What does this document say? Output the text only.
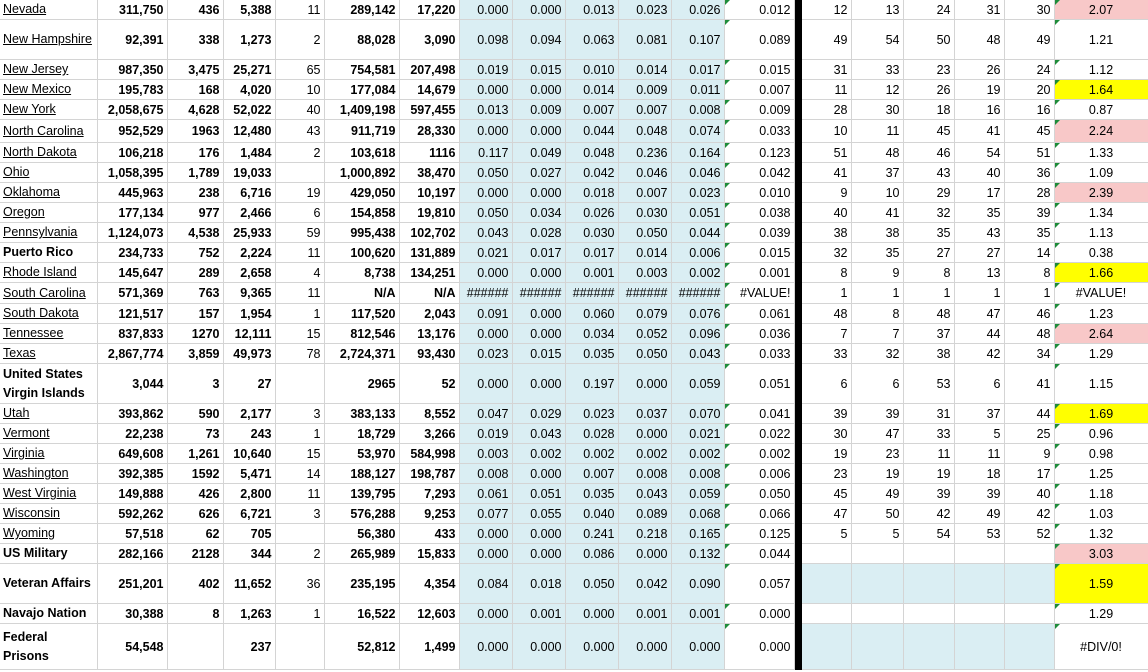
Nevada	311,750	436	5,388	11	289,142	17,220	0.000	0.000	0.013	0.023	0.026	0.012		12	13	24	31	30	2.07
New Hampshire	92,391	338	1,273	2	88,028	3,090	0.098	0.094	0.063	0.081	0.107	0.089		49	54	50	48	49	1.21
New Jersey	987,350	3,475	25,271	65	754,581	207,498	0.019	0.015	0.010	0.014	0.017	0.015		31	33	23	26	24	1.12
New Mexico	195,783	168	4,020	10	177,084	14,679	0.000	0.000	0.014	0.009	0.011	0.007		11	12	26	19	20	1.64
New York	2,058,675	4,628	52,022	40	1,409,198	597,455	0.013	0.009	0.007	0.007	0.008	0.009		28	30	18	16	16	0.87
North Carolina	952,529	1963	12,480	43	911,719	28,330	0.000	0.000	0.044	0.048	0.074	0.033		10	11	45	41	45	2.24
North Dakota	106,218	176	1,484	2	103,618	1116	0.117	0.049	0.048	0.236	0.164	0.123		51	48	46	54	51	1.33
Ohio	1,058,395	1,789	19,033		1,000,892	38,470	0.050	0.027	0.042	0.046	0.046	0.042		41	37	43	40	36	1.09
Oklahoma	445,963	238	6,716	19	429,050	10,197	0.000	0.000	0.018	0.007	0.023	0.010		9	10	29	17	28	2.39
Oregon	177,134	977	2,466	6	154,858	19,810	0.050	0.034	0.026	0.030	0.051	0.038		40	41	32	35	39	1.34
Pennsylvania	1,124,073	4,538	25,933	59	995,438	102,702	0.043	0.028	0.030	0.050	0.044	0.039		38	38	35	43	35	1.13
Puerto Rico	234,733	752	2,224	11	100,620	131,889	0.021	0.017	0.017	0.014	0.006	0.015		32	35	27	27	14	0.38
Rhode Island	145,647	289	2,658	4	8,738	134,251	0.000	0.000	0.001	0.003	0.002	0.001		8	9	8	13	8	1.66
South Carolina	571,369	763	9,365	11	N/A	N/A	######	######	######	######	######	#VALUE!		1	1	1	1	1	#VALUE!
South Dakota	121,517	157	1,954	1	117,520	2,043	0.091	0.000	0.060	0.079	0.076	0.061		48	8	48	47	46	1.23
Tennessee	837,833	1270	12,111	15	812,546	13,176	0.000	0.000	0.034	0.052	0.096	0.036		7	7	37	44	48	2.64
Texas	2,867,774	3,859	49,973	78	2,724,371	93,430	0.023	0.015	0.035	0.050	0.043	0.033		33	32	38	42	34	1.29
United States Virgin Islands	3,044	3	27		2965	52	0.000	0.000	0.197	0.000	0.059	0.051		6	6	53	6	41	1.15
Utah	393,862	590	2,177	3	383,133	8,552	0.047	0.029	0.023	0.037	0.070	0.041		39	39	31	37	44	1.69
Vermont	22,238	73	243	1	18,729	3,266	0.019	0.043	0.028	0.000	0.021	0.022		30	47	33	5	25	0.96
Virginia	649,608	1,261	10,640	15	53,970	584,998	0.003	0.002	0.002	0.002	0.002	0.002		19	23	11	11	9	0.98
Washington	392,385	1592	5,471	14	188,127	198,787	0.008	0.000	0.007	0.008	0.008	0.006		23	19	19	18	17	1.25
West Virginia	149,888	426	2,800	11	139,795	7,293	0.061	0.051	0.035	0.043	0.059	0.050		45	49	39	39	40	1.18
Wisconsin	592,262	626	6,721	3	576,288	9,253	0.077	0.055	0.040	0.089	0.068	0.066		47	50	42	49	42	1.03
Wyoming	57,518	62	705		56,380	433	0.000	0.000	0.241	0.218	0.165	0.125		5	5	54	53	52	1.32
US Military	282,166	2128	344	2	265,989	15,833	0.000	0.000	0.086	0.000	0.132	0.044							3.03
Veteran Affairs	251,201	402	11,652	36	235,195	4,354	0.084	0.018	0.050	0.042	0.090	0.057							1.59
Navajo Nation	30,388	8	1,263	1	16,522	12,603	0.000	0.001	0.000	0.001	0.001	0.000							1.29
Federal Prisons	54,548		237		52,812	1,499	0.000	0.000	0.000	0.000	0.000	0.000							#DIV/0!
